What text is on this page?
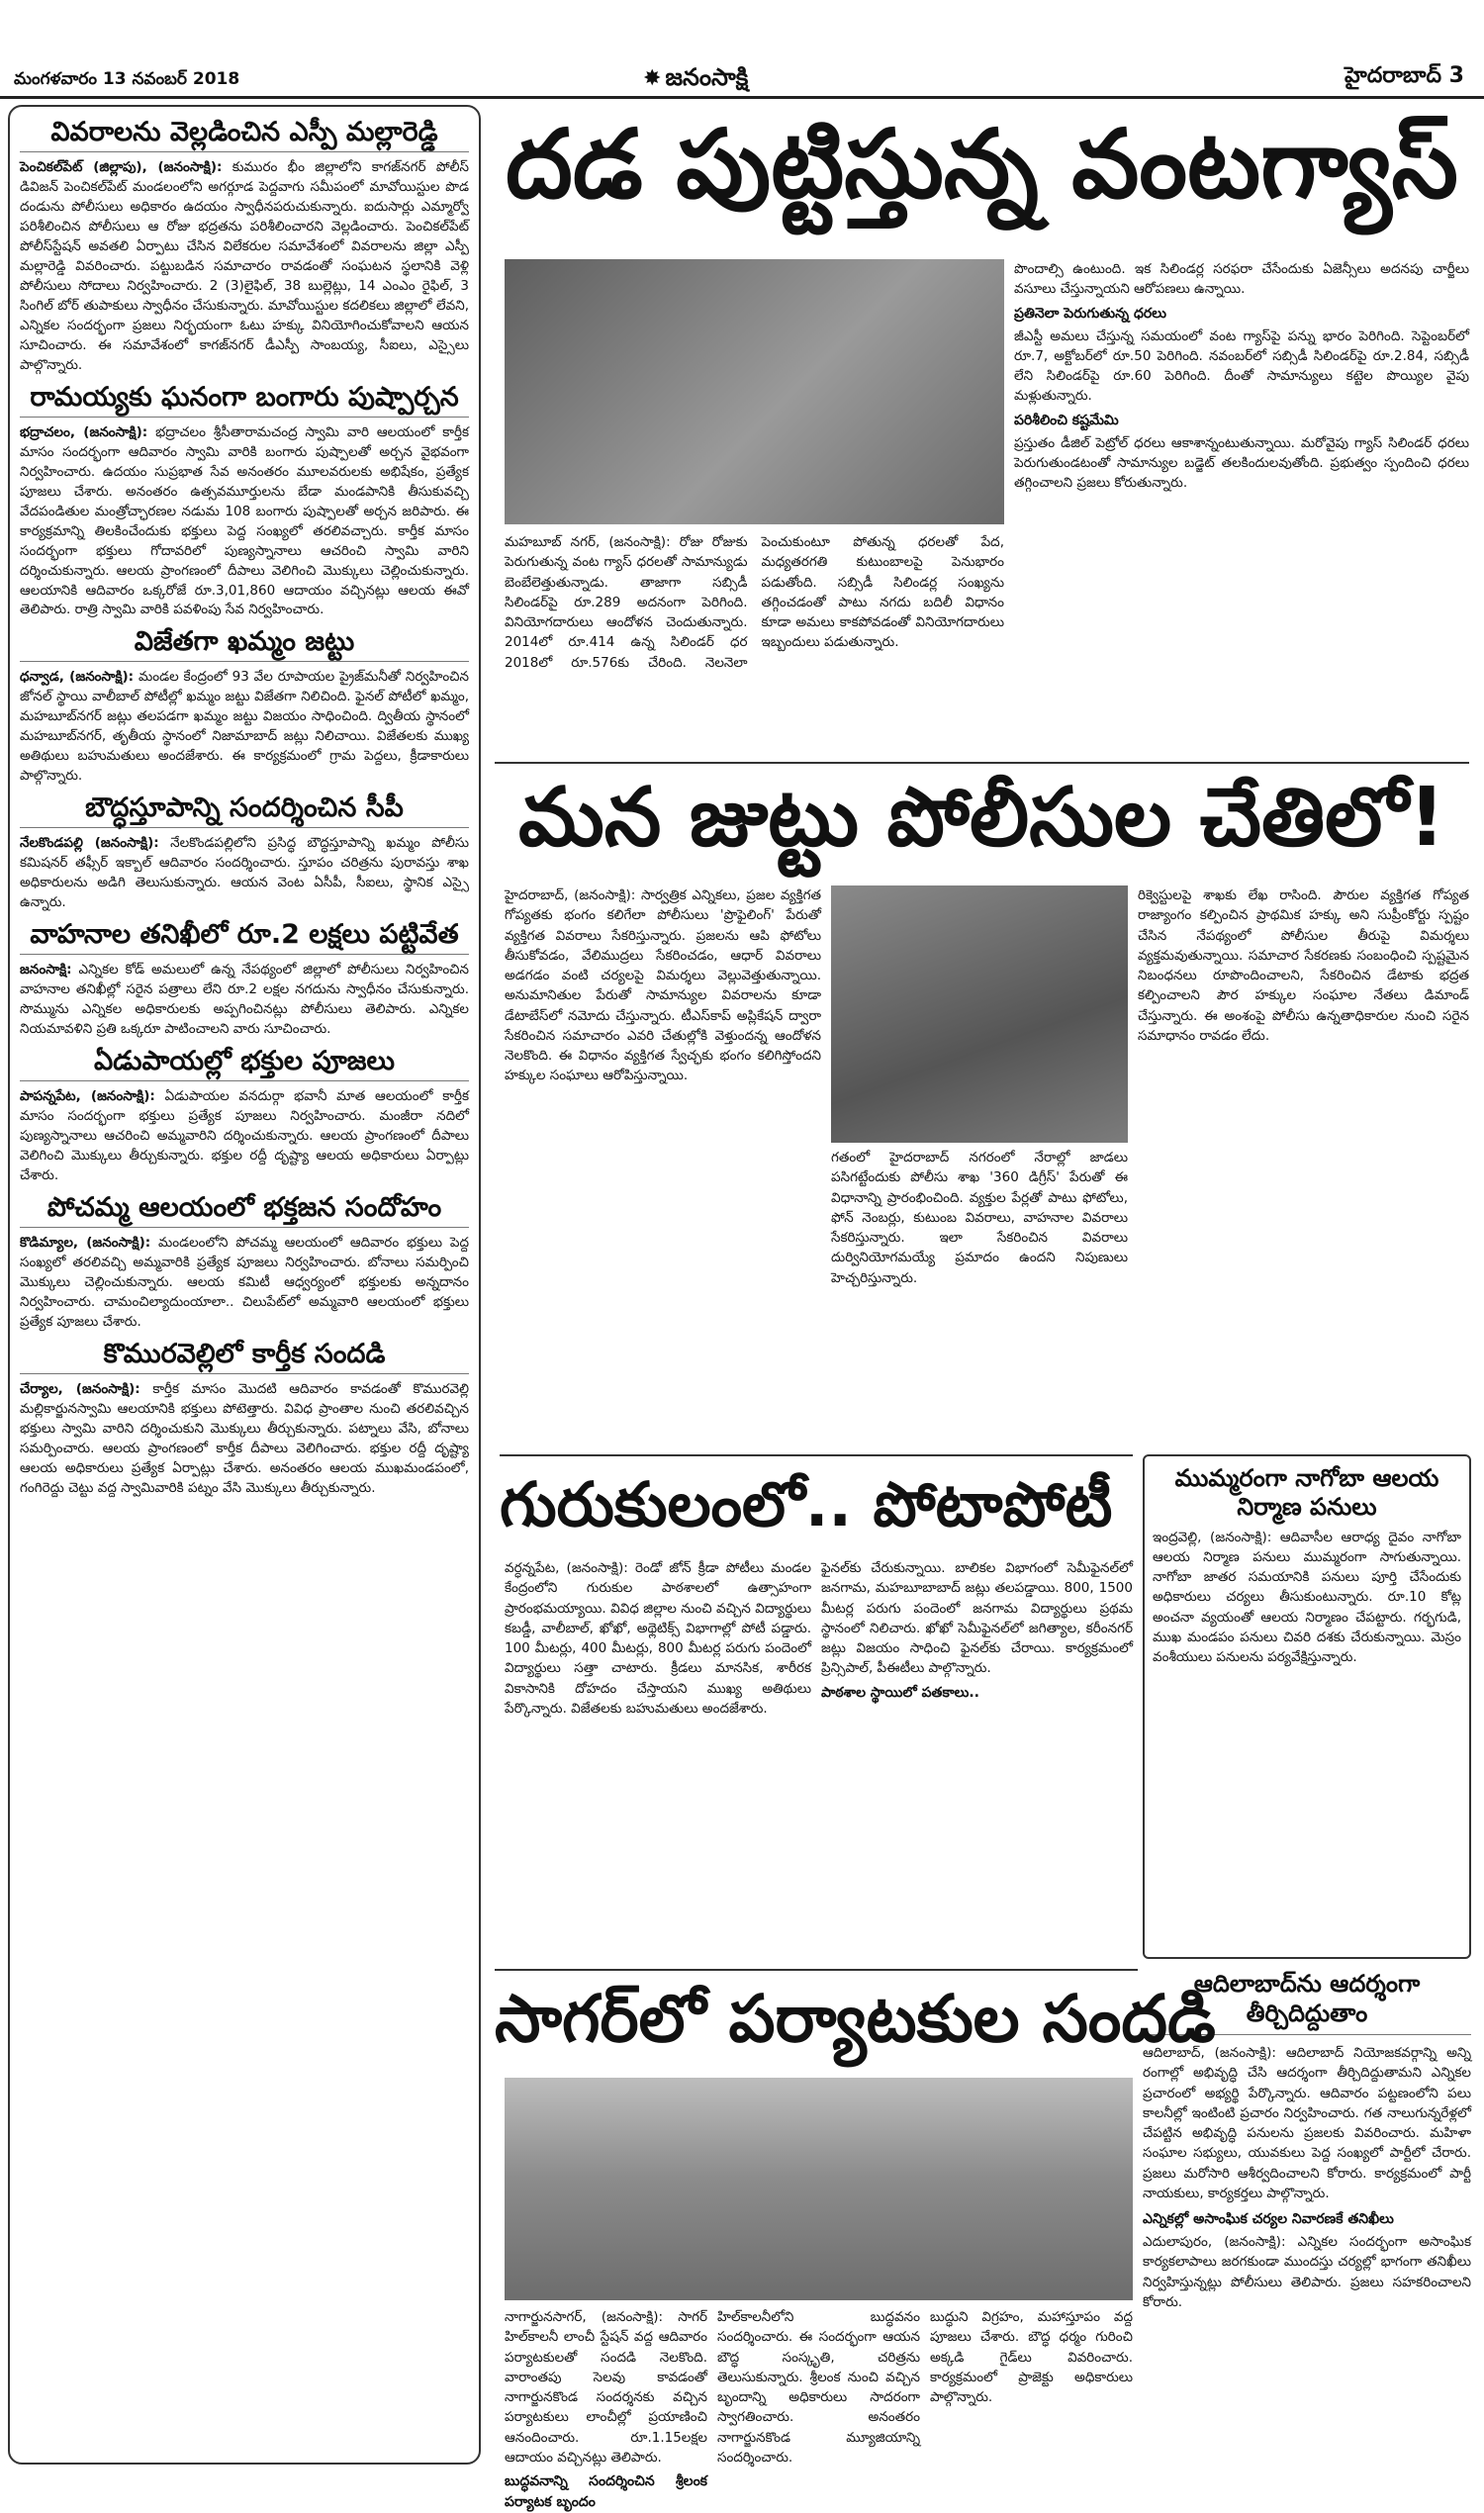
మంగళవారం 13 నవంబర్ 2018	✸ జనంసాక్షి	హైదరాబాద్ 3
వివరాలను వెల్లడించిన ఎస్పీ మల్లారెడ్డి

పెంచికల్‌పేట్ (జిల్లాపు), (జనంసాక్షి): కుమురం భీం జిల్లాలోని కాగజ్‌నగర్ పోలీస్ డివిజన్ పెంచికల్‌పేట్ మండలంలోని అగర్గూడ పెద్దవాగు సమీపంలో మావోయిస్టుల పొడ దండును పోలీసులు అధికారం ఉదయం స్వాధీనపరుచుకున్నారు. ఐదుసార్లు ఎమ్మార్వో పరిశీలించిన పోలీసులు ఆ రోజు భద్రతను పరిశీలించారని వెల్లడించారు. పెంచికల్‌పేట్ పోలీస్‌స్టేషన్ అవతలి ఏర్పాటు చేసిన విలేకరుల సమావేశంలో వివరాలను జిల్లా ఎస్పీ మల్లారెడ్డి వివరించారు. పట్టుబడిన సమాచారం రావడంతో సంఘటన స్థలానికి వెళ్లి పోలీసులు సోదాలు నిర్వహించారు. 2 (3)లైఫిల్, 38 బుల్లెట్లు, 14 ఎంఎం రైఫిల్, 3 సింగిల్ బోర్ తుపాకులు స్వాధీనం చేసుకున్నారు. మావోయిస్టుల కదలికలు జిల్లాలో లేవని, ఎన్నికల సందర్భంగా ప్రజలు నిర్భయంగా ఓటు హక్కు వినియోగించుకోవాలని ఆయన సూచించారు. ఈ సమావేశంలో కాగజ్‌నగర్ డీఎస్పీ సాంబయ్య, సీఐలు, ఎస్సైలు పాల్గొన్నారు.

రామయ్యకు ఘనంగా బంగారు పుష్పార్చన

భద్రాచలం, (జనంసాక్షి): భద్రాచలం శ్రీసీతారామచంద్ర స్వామి వారి ఆలయంలో కార్తీక మాసం సందర్భంగా ఆదివారం స్వామి వారికి బంగారు పుష్పాలతో అర్చన వైభవంగా నిర్వహించారు. ఉదయం సుప్రభాత సేవ అనంతరం మూలవరులకు అభిషేకం, ప్రత్యేక పూజలు చేశారు. అనంతరం ఉత్సవమూర్తులను బేడా మండపానికి తీసుకువచ్చి వేదపండితుల మంత్రోచ్ఛారణల నడుమ 108 బంగారు పుష్పాలతో అర్చన జరిపారు. ఈ కార్యక్రమాన్ని తిలకించేందుకు భక్తులు పెద్ద సంఖ్యలో తరలివచ్చారు. కార్తీక మాసం సందర్భంగా భక్తులు గోదావరిలో పుణ్యస్నానాలు ఆచరించి స్వామి వారిని దర్శించుకున్నారు. ఆలయ ప్రాంగణంలో దీపాలు వెలిగించి మొక్కులు చెల్లించుకున్నారు. ఆలయానికి ఆదివారం ఒక్కరోజే రూ.3,01,860 ఆదాయం వచ్చినట్లు ఆలయ ఈవో తెలిపారు. రాత్రి స్వామి వారికి పవళింపు సేవ నిర్వహించారు.

విజేతగా ఖమ్మం జట్టు

ధన్వాడ, (జనంసాక్షి): మండల కేంద్రంలో 93 వేల రూపాయల ప్రైజ్‌మనీతో నిర్వహించిన జోనల్ స్థాయి వాలీబాల్ పోటీల్లో ఖమ్మం జట్టు విజేతగా నిలిచింది. ఫైనల్ పోటీలో ఖమ్మం, మహబూబ్‌నగర్ జట్లు తలపడగా ఖమ్మం జట్టు విజయం సాధించింది. ద్వితీయ స్థానంలో మహబూబ్‌నగర్, తృతీయ స్థానంలో నిజామాబాద్ జట్లు నిలిచాయి. విజేతలకు ముఖ్య అతిథులు బహుమతులు అందజేశారు. ఈ కార్యక్రమంలో గ్రామ పెద్దలు, క్రీడాకారులు పాల్గొన్నారు.

బౌద్ధస్తూపాన్ని సందర్శించిన సీపీ

నేలకొండపల్లి (జనంసాక్షి): నేలకొండపల్లిలోని ప్రసిద్ధ బౌద్ధస్తూపాన్ని ఖమ్మం పోలీసు కమిషనర్ తఫ్సీర్ ఇక్బాల్ ఆదివారం సందర్శించారు. స్తూపం చరిత్రను పురావస్తు శాఖ అధికారులను అడిగి తెలుసుకున్నారు. ఆయన వెంట ఏసీపీ, సీఐలు, స్థానిక ఎస్సై ఉన్నారు.

వాహనాల తనిఖీలో రూ.2 లక్షలు పట్టివేత

జనంసాక్షి: ఎన్నికల కోడ్ అమలులో ఉన్న నేపథ్యంలో జిల్లాలో పోలీసులు నిర్వహించిన వాహనాల తనిఖీల్లో సరైన పత్రాలు లేని రూ.2 లక్షల నగదును స్వాధీనం చేసుకున్నారు. సొమ్మును ఎన్నికల అధికారులకు అప్పగించినట్లు పోలీసులు తెలిపారు. ఎన్నికల నియమావళిని ప్రతి ఒక్కరూ పాటించాలని వారు సూచించారు.

ఏడుపాయల్లో భక్తుల పూజలు

పాపన్నపేట, (జనంసాక్షి): ఏడుపాయల వనదుర్గా భవానీ మాత ఆలయంలో కార్తీక మాసం సందర్భంగా భక్తులు ప్రత్యేక పూజలు నిర్వహించారు. మంజీరా నదిలో పుణ్యస్నానాలు ఆచరించి అమ్మవారిని దర్శించుకున్నారు. ఆలయ ప్రాంగణంలో దీపాలు వెలిగించి మొక్కులు తీర్చుకున్నారు. భక్తుల రద్దీ దృష్ట్యా ఆలయ అధికారులు ఏర్పాట్లు చేశారు.

పోచమ్మ ఆలయంలో భక్తజన సందోహం

కొడిమ్యాల, (జనంసాక్షి): మండలంలోని పోచమ్మ ఆలయంలో ఆదివారం భక్తులు పెద్ద సంఖ్యలో తరలివచ్చి అమ్మవారికి ప్రత్యేక పూజలు నిర్వహించారు. బోనాలు సమర్పించి మొక్కులు చెల్లించుకున్నారు. ఆలయ కమిటీ ఆధ్వర్యంలో భక్తులకు అన్నదానం నిర్వహించారు. చామంచిల్యాదుంయాలా.. చిలుపేట్‌లో అమ్మవారి ఆలయంలో భక్తులు ప్రత్యేక పూజలు చేశారు.

కొమురవెల్లిలో కార్తీక సందడి

చేర్యాల, (జనంసాక్షి): కార్తీక మాసం మొదటి ఆదివారం కావడంతో కొమురవెల్లి మల్లికార్జునస్వామి ఆలయానికి భక్తులు పోటెత్తారు. వివిధ ప్రాంతాల నుంచి తరలివచ్చిన భక్తులు స్వామి వారిని దర్శించుకుని మొక్కులు తీర్చుకున్నారు. పట్నాలు వేసి, బోనాలు సమర్పించారు. ఆలయ ప్రాంగణంలో కార్తీక దీపాలు వెలిగించారు. భక్తుల రద్దీ దృష్ట్యా ఆలయ అధికారులు ప్రత్యేక ఏర్పాట్లు చేశారు. అనంతరం ఆలయ ముఖమండపంలో, గంగిరెద్దు చెట్టు వద్ద స్వామివారికి పట్నం వేసి మొక్కులు తీర్చుకున్నారు.

దడ పుట్టిస్తున్న వంటగ్యాస్

పొందాల్సి ఉంటుంది. ఇక సిలిండర్ల సరఫరా చేసేందుకు ఏజెన్సీలు అదనపు చార్జీలు వసూలు చేస్తున్నాయని ఆరోపణలు ఉన్నాయి.

ప్రతినెలా పెరుగుతున్న ధరలు

జీఎస్టీ అమలు చేస్తున్న సమయంలో వంట గ్యాస్‌పై పన్ను భారం పెరిగింది. సెప్టెంబర్‌లో రూ.7, అక్టోబర్‌లో రూ.50 పెరిగింది. నవంబర్‌లో సబ్సిడీ సిలిండర్‌పై రూ.2.84, సబ్సిడీ లేని సిలిండర్‌పై రూ.60 పెరిగింది. దీంతో సామాన్యులు కట్టెల పొయ్యిల వైపు మళ్లుతున్నారు.

పరిశీలించి కష్టమేమి

ప్రస్తుతం డీజిల్ పెట్రోల్ ధరలు ఆకాశాన్నంటుతున్నాయి. మరోవైపు గ్యాస్ సిలిండర్ ధరలు పెరుగుతుండటంతో సామాన్యుల బడ్జెట్ తలకిందులవుతోంది. ప్రభుత్వం స్పందించి ధరలు తగ్గించాలని ప్రజలు కోరుతున్నారు.

మహబూబ్ నగర్, (జనంసాక్షి): రోజు రోజుకు పెరుగుతున్న వంట గ్యాస్ ధరలతో సామాన్యుడు బెంబేలెత్తుతున్నాడు. తాజాగా సబ్సిడీ సిలిండర్‌పై రూ.289 అదనంగా పెరిగింది. వినియోగదారులు ఆందోళన చెందుతున్నారు. 2014లో రూ.414 ఉన్న సిలిండర్ ధర 2018లో రూ.576కు చేరింది. నెలనెలా పెంచుకుంటూ పోతున్న ధరలతో పేద, మధ్యతరగతి కుటుంబాలపై పెనుభారం పడుతోంది. సబ్సిడీ సిలిండర్ల సంఖ్యను తగ్గించడంతో పాటు నగదు బదిలీ విధానం కూడా అమలు కాకపోవడంతో వినియోగదారులు ఇబ్బందులు పడుతున్నారు.
మన జుట్టు పోలీసుల చేతిలో!
హైదరాబాద్, (జనంసాక్షి): సార్వత్రిక ఎన్నికలు, ప్రజల వ్యక్తిగత గోప్యతకు భంగం కలిగేలా పోలీసులు 'ప్రొఫైలింగ్' పేరుతో వ్యక్తిగత వివరాలు సేకరిస్తున్నారు. ప్రజలను ఆపి ఫోటోలు తీసుకోవడం, వేలిముద్రలు సేకరించడం, ఆధార్ వివరాలు అడగడం వంటి చర్యలపై విమర్శలు వెల్లువెత్తుతున్నాయి. అనుమానితుల పేరుతో సామాన్యుల వివరాలను కూడా డేటాబేస్‌లో నమోదు చేస్తున్నారు. టీఎస్‌కాప్ అప్లికేషన్ ద్వారా సేకరించిన సమాచారం ఎవరి చేతుల్లోకి వెళ్తుందన్న ఆందోళన నెలకొంది. ఈ విధానం వ్యక్తిగత స్వేచ్ఛకు భంగం కలిగిస్తోందని హక్కుల సంఘాలు ఆరోపిస్తున్నాయి.
రిక్వెస్టులపై శాఖకు లేఖ రాసింది. పౌరుల వ్యక్తిగత గోప్యత రాజ్యాంగం కల్పించిన ప్రాథమిక హక్కు అని సుప్రీంకోర్టు స్పష్టం చేసిన నేపథ్యంలో పోలీసుల తీరుపై విమర్శలు వ్యక్తమవుతున్నాయి. సమాచార సేకరణకు సంబంధించి స్పష్టమైన నిబంధనలు రూపొందించాలని, సేకరించిన డేటాకు భద్రత కల్పించాలని పౌర హక్కుల సంఘాల నేతలు డిమాండ్ చేస్తున్నారు. ఈ అంశంపై పోలీసు ఉన్నతాధికారుల నుంచి సరైన సమాధానం రావడం లేదు.
గతంలో హైదరాబాద్ నగరంలో నేరాల్లో జాడలు పసిగట్టేందుకు పోలీసు శాఖ '360 డిగ్రీస్' పేరుతో ఈ విధానాన్ని ప్రారంభించింది. వ్యక్తుల పేర్లతో పాటు ఫోటోలు, ఫోన్ నెంబర్లు, కుటుంబ వివరాలు, వాహనాల వివరాలు సేకరిస్తున్నారు. ఇలా సేకరించిన వివరాలు దుర్వినియోగమయ్యే ప్రమాదం ఉందని నిపుణులు హెచ్చరిస్తున్నారు.
గురుకులంలో.. పోటాపోటీ
వర్ధన్నపేట, (జనంసాక్షి): రెండో జోన్ క్రీడా పోటీలు మండల కేంద్రంలోని గురుకుల పాఠశాలలో ఉత్సాహంగా ప్రారంభమయ్యాయి. వివిధ జిల్లాల నుంచి వచ్చిన విద్యార్థులు కబడ్డీ, వాలీబాల్, ఖోఖో, అథ్లెటిక్స్ విభాగాల్లో పోటీ పడ్డారు. 100 మీటర్లు, 400 మీటర్లు, 800 మీటర్ల పరుగు పందెంలో విద్యార్థులు సత్తా చాటారు. క్రీడలు మానసిక, శారీరక వికాసానికి దోహదం చేస్తాయని ముఖ్య అతిథులు పేర్కొన్నారు. విజేతలకు బహుమతులు అందజేశారు.

ఫైనల్‌కు చేరుకున్నాయి. బాలికల విభాగంలో సెమీఫైనల్‌లో జనగామ, మహబూబాబాద్ జట్లు తలపడ్డాయి. 800, 1500 మీటర్ల పరుగు పందెంలో జనగామ విద్యార్థులు ప్రథమ స్థానంలో నిలిచారు. ఖోఖో సెమీఫైనల్‌లో జగిత్యాల, కరీంనగర్ జట్లు విజయం సాధించి ఫైనల్‌కు చేరాయి. కార్యక్రమంలో ప్రిన్సిపాల్, పీఈటీలు పాల్గొన్నారు.

పాఠశాల స్థాయిలో పతకాలు..
ముమ్మరంగా నాగోబా ఆలయ నిర్మాణ పనులు
ఇంద్రవెల్లి, (జనంసాక్షి): ఆదివాసీల ఆరాధ్య దైవం నాగోబా ఆలయ నిర్మాణ పనులు ముమ్మరంగా సాగుతున్నాయి. నాగోబా జాతర సమయానికి పనులు పూర్తి చేసేందుకు అధికారులు చర్యలు తీసుకుంటున్నారు. రూ.10 కోట్ల అంచనా వ్యయంతో ఆలయ నిర్మాణం చేపట్టారు. గర్భగుడి, ముఖ మండపం పనులు చివరి దశకు చేరుకున్నాయి. మెస్రం వంశీయులు పనులను పర్యవేక్షిస్తున్నారు.
ఆదిలాబాద్‌ను ఆదర్శంగా తీర్చిదిద్దుతాం
ఆదిలాబాద్, (జనంసాక్షి): ఆదిలాబాద్ నియోజకవర్గాన్ని అన్ని రంగాల్లో అభివృద్ధి చేసి ఆదర్శంగా తీర్చిదిద్దుతామని ఎన్నికల ప్రచారంలో అభ్యర్థి పేర్కొన్నారు. ఆదివారం పట్టణంలోని పలు కాలనీల్లో ఇంటింటి ప్రచారం నిర్వహించారు. గత నాలుగున్నరేళ్లలో చేపట్టిన అభివృద్ధి పనులను ప్రజలకు వివరించారు. మహిళా సంఘాల సభ్యులు, యువకులు పెద్ద సంఖ్యలో పార్టీలో చేరారు. ప్రజలు మరోసారి ఆశీర్వదించాలని కోరారు. కార్యక్రమంలో పార్టీ నాయకులు, కార్యకర్తలు పాల్గొన్నారు.
ఎన్నికల్లో అసాంఘిక చర్యల నివారణకే తనిఖీలు
ఎదులాపురం, (జనంసాక్షి): ఎన్నికల సందర్భంగా అసాంఘిక కార్యకలాపాలు జరగకుండా ముందస్తు చర్యల్లో భాగంగా తనిఖీలు నిర్వహిస్తున్నట్లు పోలీసులు తెలిపారు. ప్రజలు సహకరించాలని కోరారు.
సాగర్‌లో పర్యాటకుల సందడి
నాగార్జునసాగర్, (జనంసాక్షి): సాగర్ హిల్‌కాలనీ లాంచీ స్టేషన్ వద్ద ఆదివారం పర్యాటకులతో సందడి నెలకొంది. వారాంతపు సెలవు కావడంతో నాగార్జునకొండ సందర్శనకు వచ్చిన పర్యాటకులు లాంచీల్లో ప్రయాణించి ఆనందించారు. రూ.1.15లక్షల ఆదాయం వచ్చినట్లు తెలిపారు.
బుద్ధవనాన్ని సందర్శించిన శ్రీలంక పర్యాటక బృందం
హిల్‌కాలనీలోని బుద్ధవనం సందర్శించారు. ఈ సందర్భంగా ఆయన బౌద్ధ సంస్కృతి, చరిత్రను తెలుసుకున్నారు. శ్రీలంక నుంచి వచ్చిన బృందాన్ని అధికారులు సాదరంగా స్వాగతించారు. అనంతరం నాగార్జునకొండ మ్యూజియాన్ని సందర్శించారు.
బుద్ధుని విగ్రహం, మహాస్తూపం వద్ద పూజలు చేశారు. బౌద్ధ ధర్మం గురించి అక్కడి గైడ్‌లు వివరించారు. కార్యక్రమంలో ప్రాజెక్టు అధికారులు పాల్గొన్నారు.
